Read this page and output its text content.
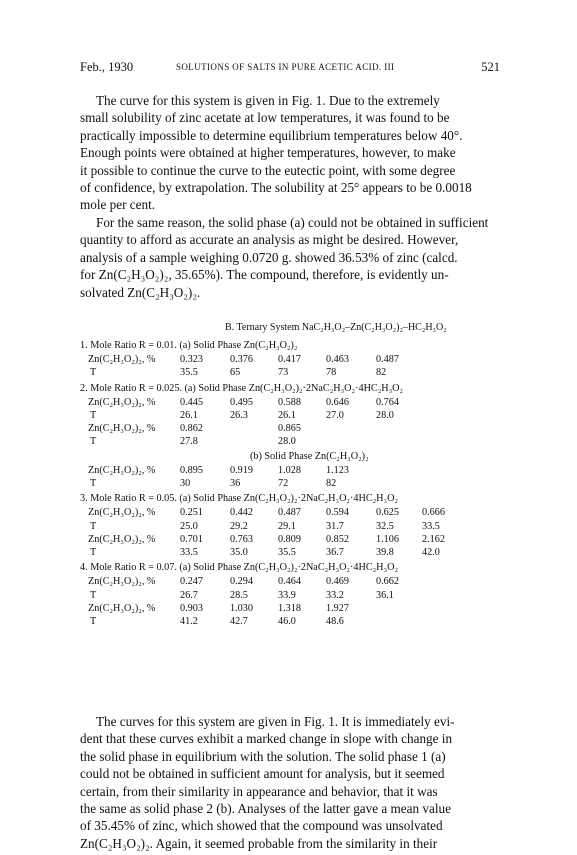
Feb., 1930	SOLUTIONS OF SALTS IN PURE ACETIC ACID. III	521
The curve for this system is given in Fig. 1. Due to the extremely
small solubility of zinc acetate at low temperatures, it was found to be
practically impossible to determine equilibrium temperatures below 40°.
Enough points were obtained at higher temperatures, however, to make
it possible to continue the curve to the eutectic point, with some degree
of confidence, by extrapolation. The solubility at 25° appears to be 0.0018
mole per cent.
For the same reason, the solid phase (a) could not be obtained in sufficient
quantity to afford as accurate an analysis as might be desired. However,
analysis of a sample weighing 0.0720 g. showed 36.53% of zinc (calcd.
for Zn(C₂H₃O₂)₂, 35.65%). The compound, therefore, is evidently un-
solvated Zn(C₂H₃O₂)₂.
B. Ternary System NaC₂H₃O₂–Zn(C₂H₃O₂)₂–HC₂H₃O₂
1. Mole Ratio R = 0.01. (a) Solid Phase Zn(C₂H₃O₂)₂
Zn(C₂H₃O₂)₂, % 0.323	0.376 0.417 0.463	0.487
T	35.5	65	73	78	82
2. Mole Ratio R = 0.025. (a) Solid Phase Zn(C₂H₃O₂)₂·2NaC₂H₃O₂·4HC₂H₃O₂
Zn(C₂H₃O₂)₂, % 0.445	0.495 0.588 0.646	0.764
T	26.1	26.3	26.1	27.0	28.0
Zn(C₂H₃O₂)₂, % 0.862	0.865
T	27.8	28.0
(b) Solid Phase Zn(C₂H₃O₂)₂
Zn(C₂H₃O₂)₂, % 0.895	0.919 1.028 1.123
T	30	36	72	82
3. Mole Ratio R = 0.05. (a) Solid Phase Zn(C₂H₃O₂)₂·2NaC₂H₃O₂·4HC₂H₃O₂
Zn(C₂H₃O₂)₂, % 0.251	0.442 0.487 0.594	0.625 0.666
T	25.0	29.2	29.1	31.7	32.5	33.5
Zn(C₂H₃O₂)₂, % 0.701	0.763 0.809 0.852	1.106 2.162
T	33.5	35.0	35.5	36.7	39.8	42.0
4. Mole Ratio R = 0.07. (a) Solid Phase Zn(C₂H₃O₂)₂·2NaC₂H₃O₂·4HC₂H₃O₂
Zn(C₂H₃O₂)₂, % 0.247	0.294 0.464 0.469	0.662
T	26.7	28.5	33.9	33.2	36.1
Zn(C₂H₃O₂)₂, % 0.903	1.030 1.318 1.927
T	41.2	42.7	46.0	48.6
The curves for this system are given in Fig. 1. It is immediately evi-
dent that these curves exhibit a marked change in slope with change in
the solid phase in equilibrium with the solution. The solid phase 1 (a)
could not be obtained in sufficient amount for analysis, but it seemed
certain, from their similarity in appearance and behavior, that it was
the same as solid phase 2 (b). Analyses of the latter gave a mean value
of 35.45% of zinc, which showed that the compound was unsolvated
Zn(C₂H₃O₂)₂. Again, it seemed probable from the similarity in their
